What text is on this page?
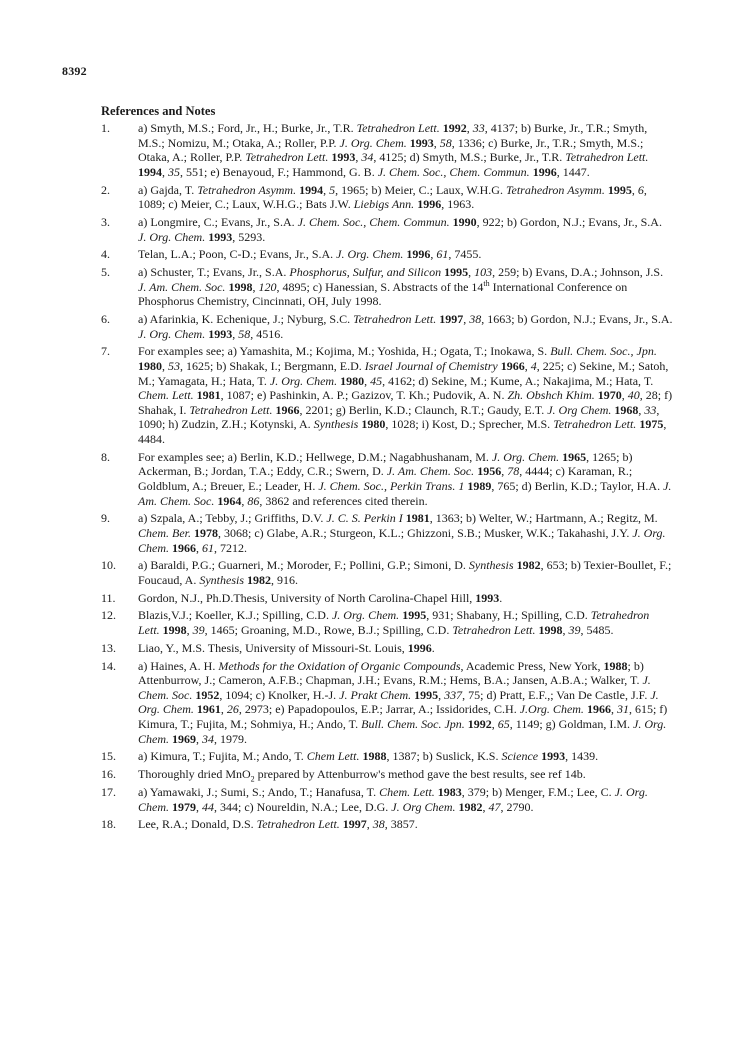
8392
References and Notes
1. a) Smyth, M.S.; Ford, Jr., H.; Burke, Jr., T.R. Tetrahedron Lett. 1992, 33, 4137; b) Burke, Jr., T.R.; Smyth, M.S.; Nomizu, M.; Otaka, A.; Roller, P.P. J. Org. Chem. 1993, 58, 1336; c) Burke, Jr., T.R.; Smyth, M.S.; Otaka, A.; Roller, P.P. Tetrahedron Lett. 1993, 34, 4125; d) Smyth, M.S.; Burke, Jr., T.R. Tetrahedron Lett. 1994, 35, 551; e) Benayoud, F.; Hammond, G. B. J. Chem. Soc., Chem. Commun. 1996, 1447.
2. a) Gajda, T. Tetrahedron Asymm. 1994, 5, 1965; b) Meier, C.; Laux, W.H.G. Tetrahedron Asymm. 1995, 6, 1089; c) Meier, C.; Laux, W.H.G.; Bats J.W. Liebigs Ann. 1996, 1963.
3. a) Longmire, C.; Evans, Jr., S.A. J. Chem. Soc., Chem. Commun. 1990, 922; b) Gordon, N.J.; Evans, Jr., S.A. J. Org. Chem. 1993, 5293.
4. Telan, L.A.; Poon, C-D.; Evans, Jr., S.A. J. Org. Chem. 1996, 61, 7455.
5. a) Schuster, T.; Evans, Jr., S.A. Phosphorus, Sulfur, and Silicon 1995, 103, 259; b) Evans, D.A.; Johnson, J.S. J. Am. Chem. Soc. 1998, 120, 4895; c) Hanessian, S. Abstracts of the 14th International Conference on Phosphorus Chemistry, Cincinnati, OH, July 1998.
6. a) Afarinkia, K. Echenique, J.; Nyburg, S.C. Tetrahedron Lett. 1997, 38, 1663; b) Gordon, N.J.; Evans, Jr., S.A. J. Org. Chem. 1993, 58, 4516.
7. For examples see; a) Yamashita, M.; Kojima, M.; Yoshida, H.; Ogata, T.; Inokawa, S. Bull. Chem. Soc., Jpn. 1980, 53, 1625; b) Shakak, I.; Bergmann, E.D. Israel Journal of Chemistry 1966, 4, 225; c) Sekine, M.; Satoh, M.; Yamagata, H.; Hata, T. J. Org. Chem. 1980, 45, 4162; d) Sekine, M.; Kume, A.; Nakajima, M.; Hata, T. Chem. Lett. 1981, 1087; e) Pashinkin, A. P.; Gazizov, T. Kh.; Pudovik, A. N. Zh. Obshch Khim. 1970, 40, 28; f) Shahak, I. Tetrahedron Lett. 1966, 2201; g) Berlin, K.D.; Claunch, R.T.; Gaudy, E.T. J. Org Chem. 1968, 33, 1090; h) Zudzin, Z.H.; Kotynski, A. Synthesis 1980, 1028; i) Kost, D.; Sprecher, M.S. Tetrahedron Lett. 1975, 4484.
8. For examples see; a) Berlin, K.D.; Hellwege, D.M.; Nagabhushanam, M. J. Org. Chem. 1965, 1265; b) Ackerman, B.; Jordan, T.A.; Eddy, C.R.; Swern, D. J. Am. Chem. Soc. 1956, 78, 4444; c) Karaman, R.; Goldblum, A.; Breuer, E.; Leader, H. J. Chem. Soc., Perkin Trans. 1 1989, 765; d) Berlin, K.D.; Taylor, H.A. J. Am. Chem. Soc. 1964, 86, 3862 and references cited therein.
9. a) Szpala, A.; Tebby, J.; Griffiths, D.V. J. C. S. Perkin I 1981, 1363; b) Welter, W.; Hartmann, A.; Regitz, M. Chem. Ber. 1978, 3068; c) Glabe, A.R.; Sturgeon, K.L.; Ghizzoni, S.B.; Musker, W.K.; Takahashi, J.Y. J. Org. Chem. 1966, 61, 7212.
10. a) Baraldi, P.G.; Guarneri, M.; Moroder, F.; Pollini, G.P.; Simoni, D. Synthesis 1982, 653; b) Texier-Boullet, F.; Foucaud, A. Synthesis 1982, 916.
11. Gordon, N.J., Ph.D.Thesis, University of North Carolina-Chapel Hill, 1993.
12. Blazis,V.J.; Koeller, K.J.; Spilling, C.D. J. Org. Chem. 1995, 931; Shabany, H.; Spilling, C.D. Tetrahedron Lett. 1998, 39, 1465; Groaning, M.D., Rowe, B.J.; Spilling, C.D. Tetrahedron Lett. 1998, 39, 5485.
13. Liao, Y., M.S. Thesis, University of Missouri-St. Louis, 1996.
14. a) Haines, A. H. Methods for the Oxidation of Organic Compounds, Academic Press, New York, 1988; b) Attenburrow, J.; Cameron, A.F.B.; Chapman, J.H.; Evans, R.M.; Hems, B.A.; Jansen, A.B.A.; Walker, T. J. Chem. Soc. 1952, 1094; c) Knolker, H.-J. J. Prakt Chem. 1995, 337, 75; d) Pratt, E.F.,; Van De Castle, J.F. J. Org. Chem. 1961, 26, 2973; e) Papadopoulos, E.P.; Jarrar, A.; Issidorides, C.H. J.Org. Chem. 1966, 31, 615; f) Kimura, T.; Fujita, M.; Sohmiya, H.; Ando, T. Bull. Chem. Soc. Jpn. 1992, 65, 1149; g) Goldman, I.M. J. Org. Chem. 1969, 34, 1979.
15. a) Kimura, T.; Fujita, M.; Ando, T. Chem Lett. 1988, 1387; b) Suslick, K.S. Science 1993, 1439.
16. Thoroughly dried MnO$_2$ prepared by Attenburrow's method gave the best results, see ref 14b.
17. a) Yamawaki, J.; Sumi, S.; Ando, T.; Hanafusa, T. Chem. Lett. 1983, 379; b) Menger, F.M.; Lee, C. J. Org. Chem. 1979, 44, 344; c) Noureldin, N.A.; Lee, D.G. J. Org Chem. 1982, 47, 2790.
18. Lee, R.A.; Donald, D.S. Tetrahedron Lett. 1997, 38, 3857.
